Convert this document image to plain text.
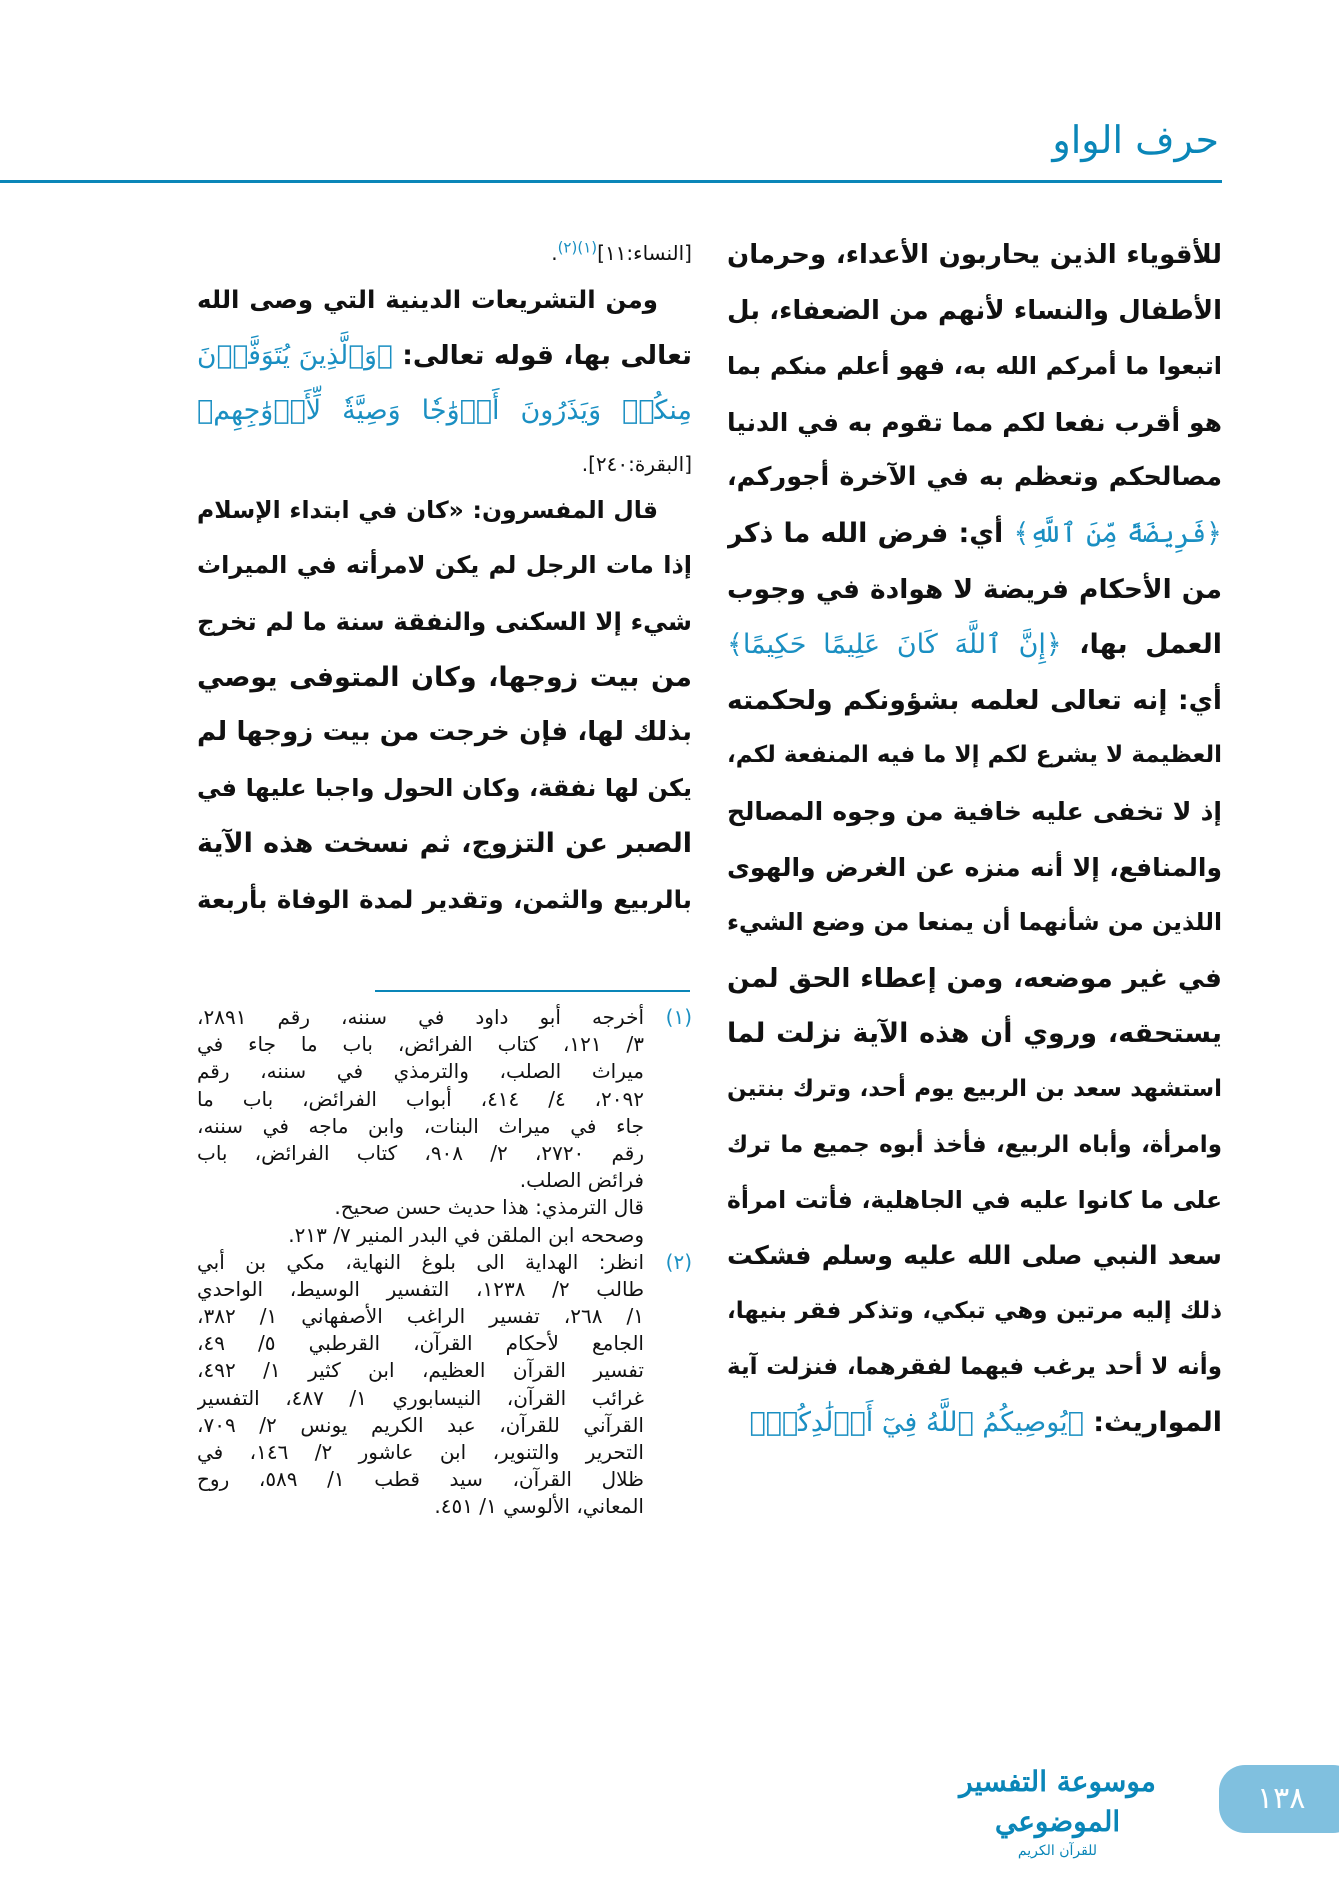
حرف الواو
للأقوياء الذين يحاربون الأعداء، وحرمان
الأطفال والنساء لأنهم من الضعفاء، بل
اتبعوا ما أمركم الله به، فهو أعلم منكم بما
هو أقرب نفعا لكم مما تقوم به في الدنيا
مصالحكم وتعظم به في الآخرة أجوركم،
﴿فَرِيضَةً مِّنَ ٱللَّهِ﴾ أي: فرض الله ما ذكر
من الأحكام فريضة لا هوادة في وجوب
العمل بها، ﴿إِنَّ ٱللَّهَ كَانَ عَلِيمًا حَكِيمًا﴾
أي: إنه تعالى لعلمه بشؤونكم ولحكمته
العظيمة لا يشرع لكم إلا ما فيه المنفعة لكم،
إذ لا تخفى عليه خافية من وجوه المصالح
والمنافع، إلا أنه منزه عن الغرض والهوى
اللذين من شأنهما أن يمنعا من وضع الشيء
في غير موضعه، ومن إعطاء الحق لمن
يستحقه، وروي أن هذه الآية نزلت لما
استشهد سعد بن الربيع يوم أحد، وترك بنتين
وامرأة، وأباه الربيع، فأخذ أبوه جميع ما ترك
على ما كانوا عليه في الجاهلية، فأتت امرأة
سعد النبي صلى الله عليه وسلم فشكت
ذلك إليه مرتين وهي تبكي، وتذكر فقر بنيها،
وأنه لا أحد يرغب فيهما لفقرهما، فنزلت آية
المواريث: ﴿يُوصِيكُمُ ٱللَّهُ فِيٓ أَوۡلَٰدِكُمۡ﴾
[النساء:١١]$^{(١)(٢)}$.
ومن التشريعات الدينية التي وصى الله
تعالى بها، قوله تعالى: ﴿وَٱلَّذِينَ يُتَوَفَّوۡنَ
مِنكُمۡ وَيَذَرُونَ أَزۡوَٰجٗا وَصِيَّةٗ لِّأَزۡوَٰجِهِم﴾
[البقرة:٢٤٠].
قال المفسرون: «كان في ابتداء الإسلام
إذا مات الرجل لم يكن لامرأته في الميراث
شيء إلا السكنى والنفقة سنة ما لم تخرج
من بيت زوجها، وكان المتوفى يوصي
بذلك لها، فإن خرجت من بيت زوجها لم
يكن لها نفقة، وكان الحول واجبا عليها في
الصبر عن التزوج، ثم نسخت هذه الآية
بالربيع والثمن، وتقدير لمدة الوفاة بأربعة
(١)
أخرجه أبو داود في سننه، رقم ٢٨٩١،
٣/ ١٢١، كتاب الفرائض، باب ما جاء في
ميراث الصلب، والترمذي في سننه، رقم
٢٠٩٢، ٤/ ٤١٤، أبواب الفرائض، باب ما
جاء في ميراث البنات، وابن ماجه في سننه،
رقم ٢٧٢٠، ٢/ ٩٠٨، كتاب الفرائض، باب
فرائض الصلب.
قال الترمذي: هذا حديث حسن صحيح.
وصححه ابن الملقن في البدر المنير ٧/ ٢١٣.
(٢)
انظر: الهداية الى بلوغ النهاية، مكي بن أبي
طالب ٢/ ١٢٣٨، التفسير الوسيط، الواحدي
١/ ٢٦٨، تفسير الراغب الأصفهاني ١/ ٣٨٢،
الجامع لأحكام القرآن، القرطبي ٥/ ٤٩،
تفسير القرآن العظيم، ابن كثير ١/ ٤٩٢،
غرائب القرآن، النيسابوري ١/ ٤٨٧، التفسير
القرآني للقرآن، عبد الكريم يونس ٢/ ٧٠٩،
التحرير والتنوير، ابن عاشور ٢/ ١٤٦، في
ظلال القرآن، سيد قطب ١/ ٥٨٩، روح
المعاني، الألوسي ١/ ٤٥١.
موسوعة التفسير الموضوعي
للقرآن الكريم
١٣٨
